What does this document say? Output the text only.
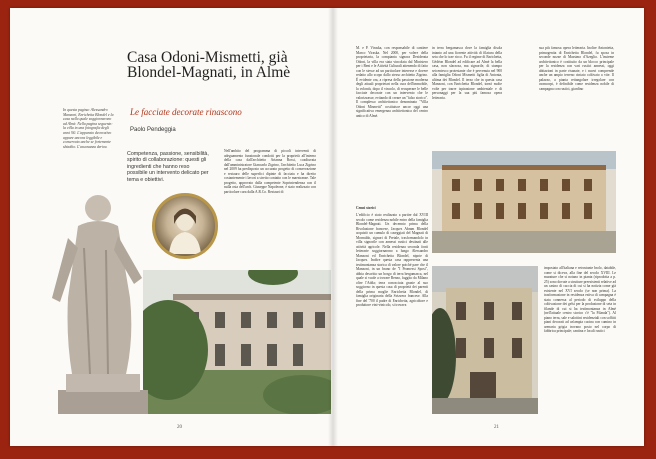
In questa pagina: Alessandro Manzoni, Enrichetta Blondel e la casa nella quale soggiornarono ad Almè. Nella pagina seguente: la villa in una fotografia degli anni '60. L'apparato decorativo appare ancora leggibile e conservato anche se fortemente sbiadito. L'assonanza deriva.
Casa Odoni-Mismetti, già Blondel-Magnati, in Almè
Le facciate decorate rinascono
Paolo Pendeggia
Competenza, passione, sensibilità, spirito di collaborazione: questi gli ingredienti che hanno reso possibile un intervento delicato per tema e obiettivi.
Nell'ambito del programma di piccoli interventi di adeguamento funzionale condotti per la proprietà all'interno della casa dall'architetto Arianna Rossi, coadiuvata dall'amministratore Giancarlo Zigrino, l'architetto Luca Zigrino nel 2009 ha predisposto un accurato progetto di conservazione e restauro delle superfici dipinte di facciata e ha diretto costantemente i lavori a stretto contatto con le maestranze. Tale progetto, approvato dalla competente Soprintendenza con il nulla osta dell'arch. Giuseppe Napoleone, è stato realizzato con particolare cura dalla A.R.Co. Restauri di
20
M. e P. Viraska, con responsabile di cantiere Marco Viraska. Nel 2000, per volere della proprietaria, la compianta signora Desiderata Odoni, la villa era stata vincolata dal Ministero per i Beni e le Attività Culturali attenendo di fatto con le stesse ad un particolare interesse e dovere redatto allo scopo dallo stesso architetto Zigrino. È evidente ora, a ripresa della passione moderna degli attuali proprietari nella cura dell'immobile, la volontà, dopo il vincolo, di recuperare le belle facciate decorate con un intervento che le valorizzasse, evitando di creare un "falso storico". Il complesso architettonico denominato "Villa Odoni Mismetti" costituisce ancor oggi una significativa emergenza architettonica del centro antico di Almè.
Cenni storici
L'edificio è stato realizzato a partire dal XVIII secolo come residenza nobile entro della famiglia Blondel-Magnati. Un decennio prima della Rivoluzione francese, Jacques Abram Blondel acquistò un cumulo di caseggiati del Magnati di Mornaldo, signori di Pretale, trasformandolo in villa signorile con annessi rustici destinati alle attività agricole. Nella residenza seconda fonti letterarie soggiornarono a lungo Alessandro Manzoni ed Enrichetta Blondel, nipote di Jacques. Inoltre questa casa rappresenta una testimonianza storica di valore poiché pare che il Manzoni, in un brano de "I Promessi Sposi", abbia descritto un borgo di terra bergamasca, nel quale si vuole a trovare Renzo, fuggito da Milano oltre l'Adda; terra conosciuta grazie al suo soggiorno in questa casa di proprietà dei parenti della prima moglie Enrichetta Blondel, di famiglia originaria della Svizzera francese. Alla fine del '700 il padre di Enrichetta, agricoltore e produttore vini-vinicolo, si trovava
in terra bergamasca dove la famiglia disola intanto ad una fiorente attività di filatura della seta che lo trae ricco. Fu il regime di Enrichetta, Gédéon Blondel ad edificare ad Almè la bella casa, non sfarzosa, ma signorile, di stampo seicentesco protestante che è pervenuta nel 900 alla famiglia Odoni Mismetti figlia di Antonia, ultima dei Blondel. Il terzo che in questa casa Manzoni, con Enrichetta Blondel, tornò molte volte per trarre ispirazione ambientale e di personaggi per la sua più famosa opera letteraria.
sua più famosa opera letteraria. Inoltre Antonietta, primogenita di Enrichetta Blondel, fu sposa in seconde nozze di Massimo d'Azeglio. L'insieme architettonico è costituito da un blocco principale per la residenza con vari rustici annessi, oggi abitazioni in parte risanate, e i nuovi comprende anche un ampio terreno cintato coltivato a vite. Il palazzo, a pianta rettangolare irregolare con avancorpi, è definibile come residenza nobile di campagna con rustici, giardino
impostato all'italiana e retrostante brolo, databile, come si diceva, alla fine del secolo XVIII. Le murature che si notano in pianta (riprodotta a p. 25) sono dovute a strutture preesistenti relative ad un casino di caccia di cui si ha notizia come già esistente nel XVI secolo (se non prima). La trasformazione in residenza estiva di campagna è stata connessa al periodo di sviluppo della coltivazione dei gelsi per la produzione di seta in filande di cui si ha testimonianza in Almè (nell'attuale centro storico c'è "la Filanda"). Al piano terra, sale e salottini residenziali con soffitti piani decorati ad un'ampia cucina con camino in arenaria grigia trovano posto nel corpo di fabbrica principale; cantina e locali rustici
21
